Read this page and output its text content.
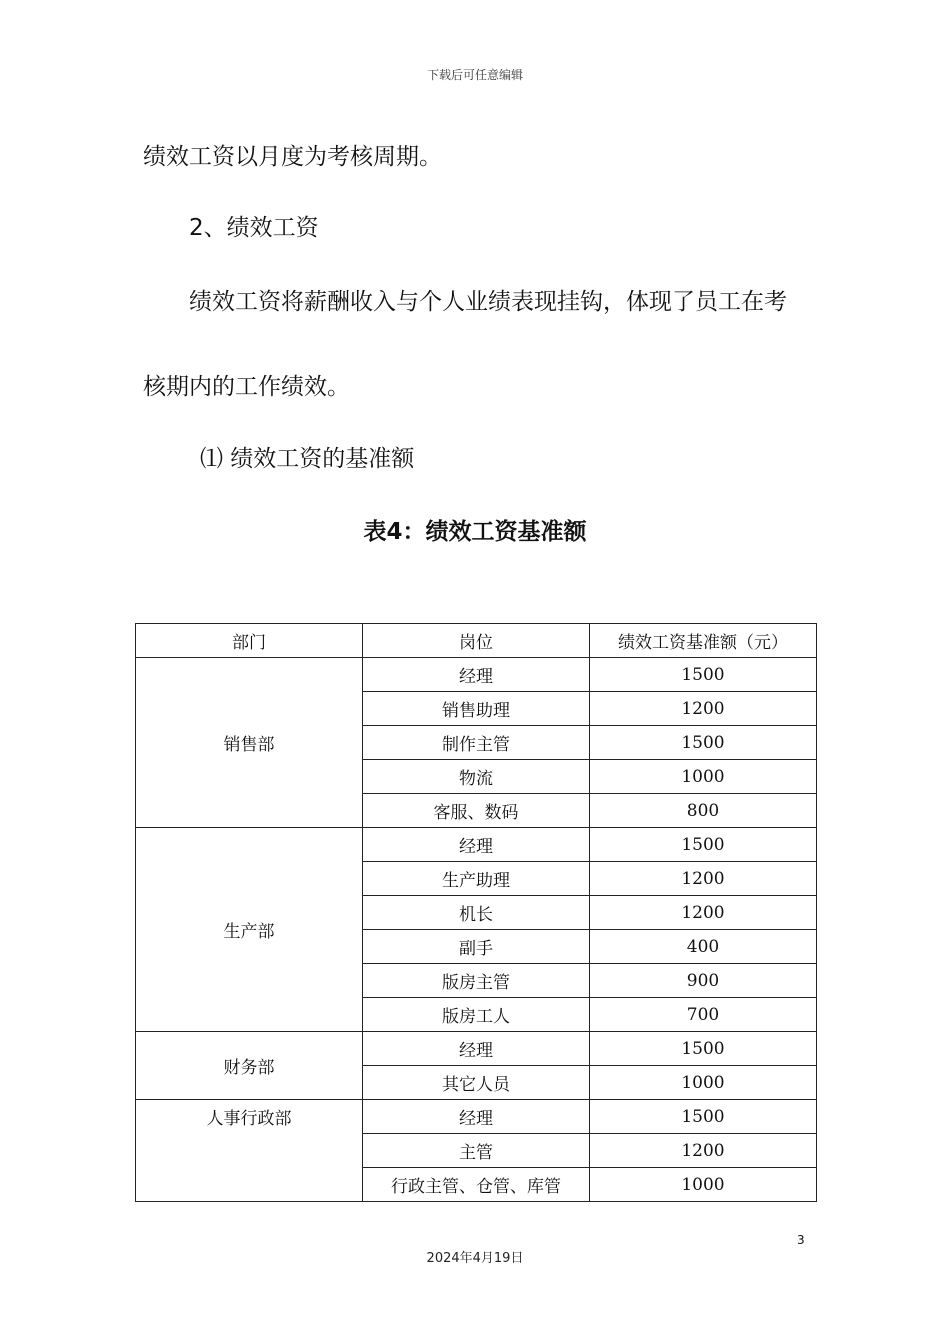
下载后可任意编辑
绩效工资以月度为考核周期。
2、绩效工资
绩效工资将薪酬收入与个人业绩表现挂钩，体现了员工在考
核期内的工作绩效。
⑴ 绩效工资的基准额
表4：绩效工资基准额
部门	岗位	绩效工资基准额（元）
销售部	经理	1500
	销售助理	1200
	制作主管	1500
	物流	1000
	客服、数码	800
生产部	经理	1500
	生产助理	1200
	机长	1200
	副手	400
	版房主管	900
	版房工人	700
财务部	经理	1500
	其它人员	1000
人事行政部	经理	1500
	主管	1200
	行政主管、仓管、库管	1000
3
2024年4月19日
